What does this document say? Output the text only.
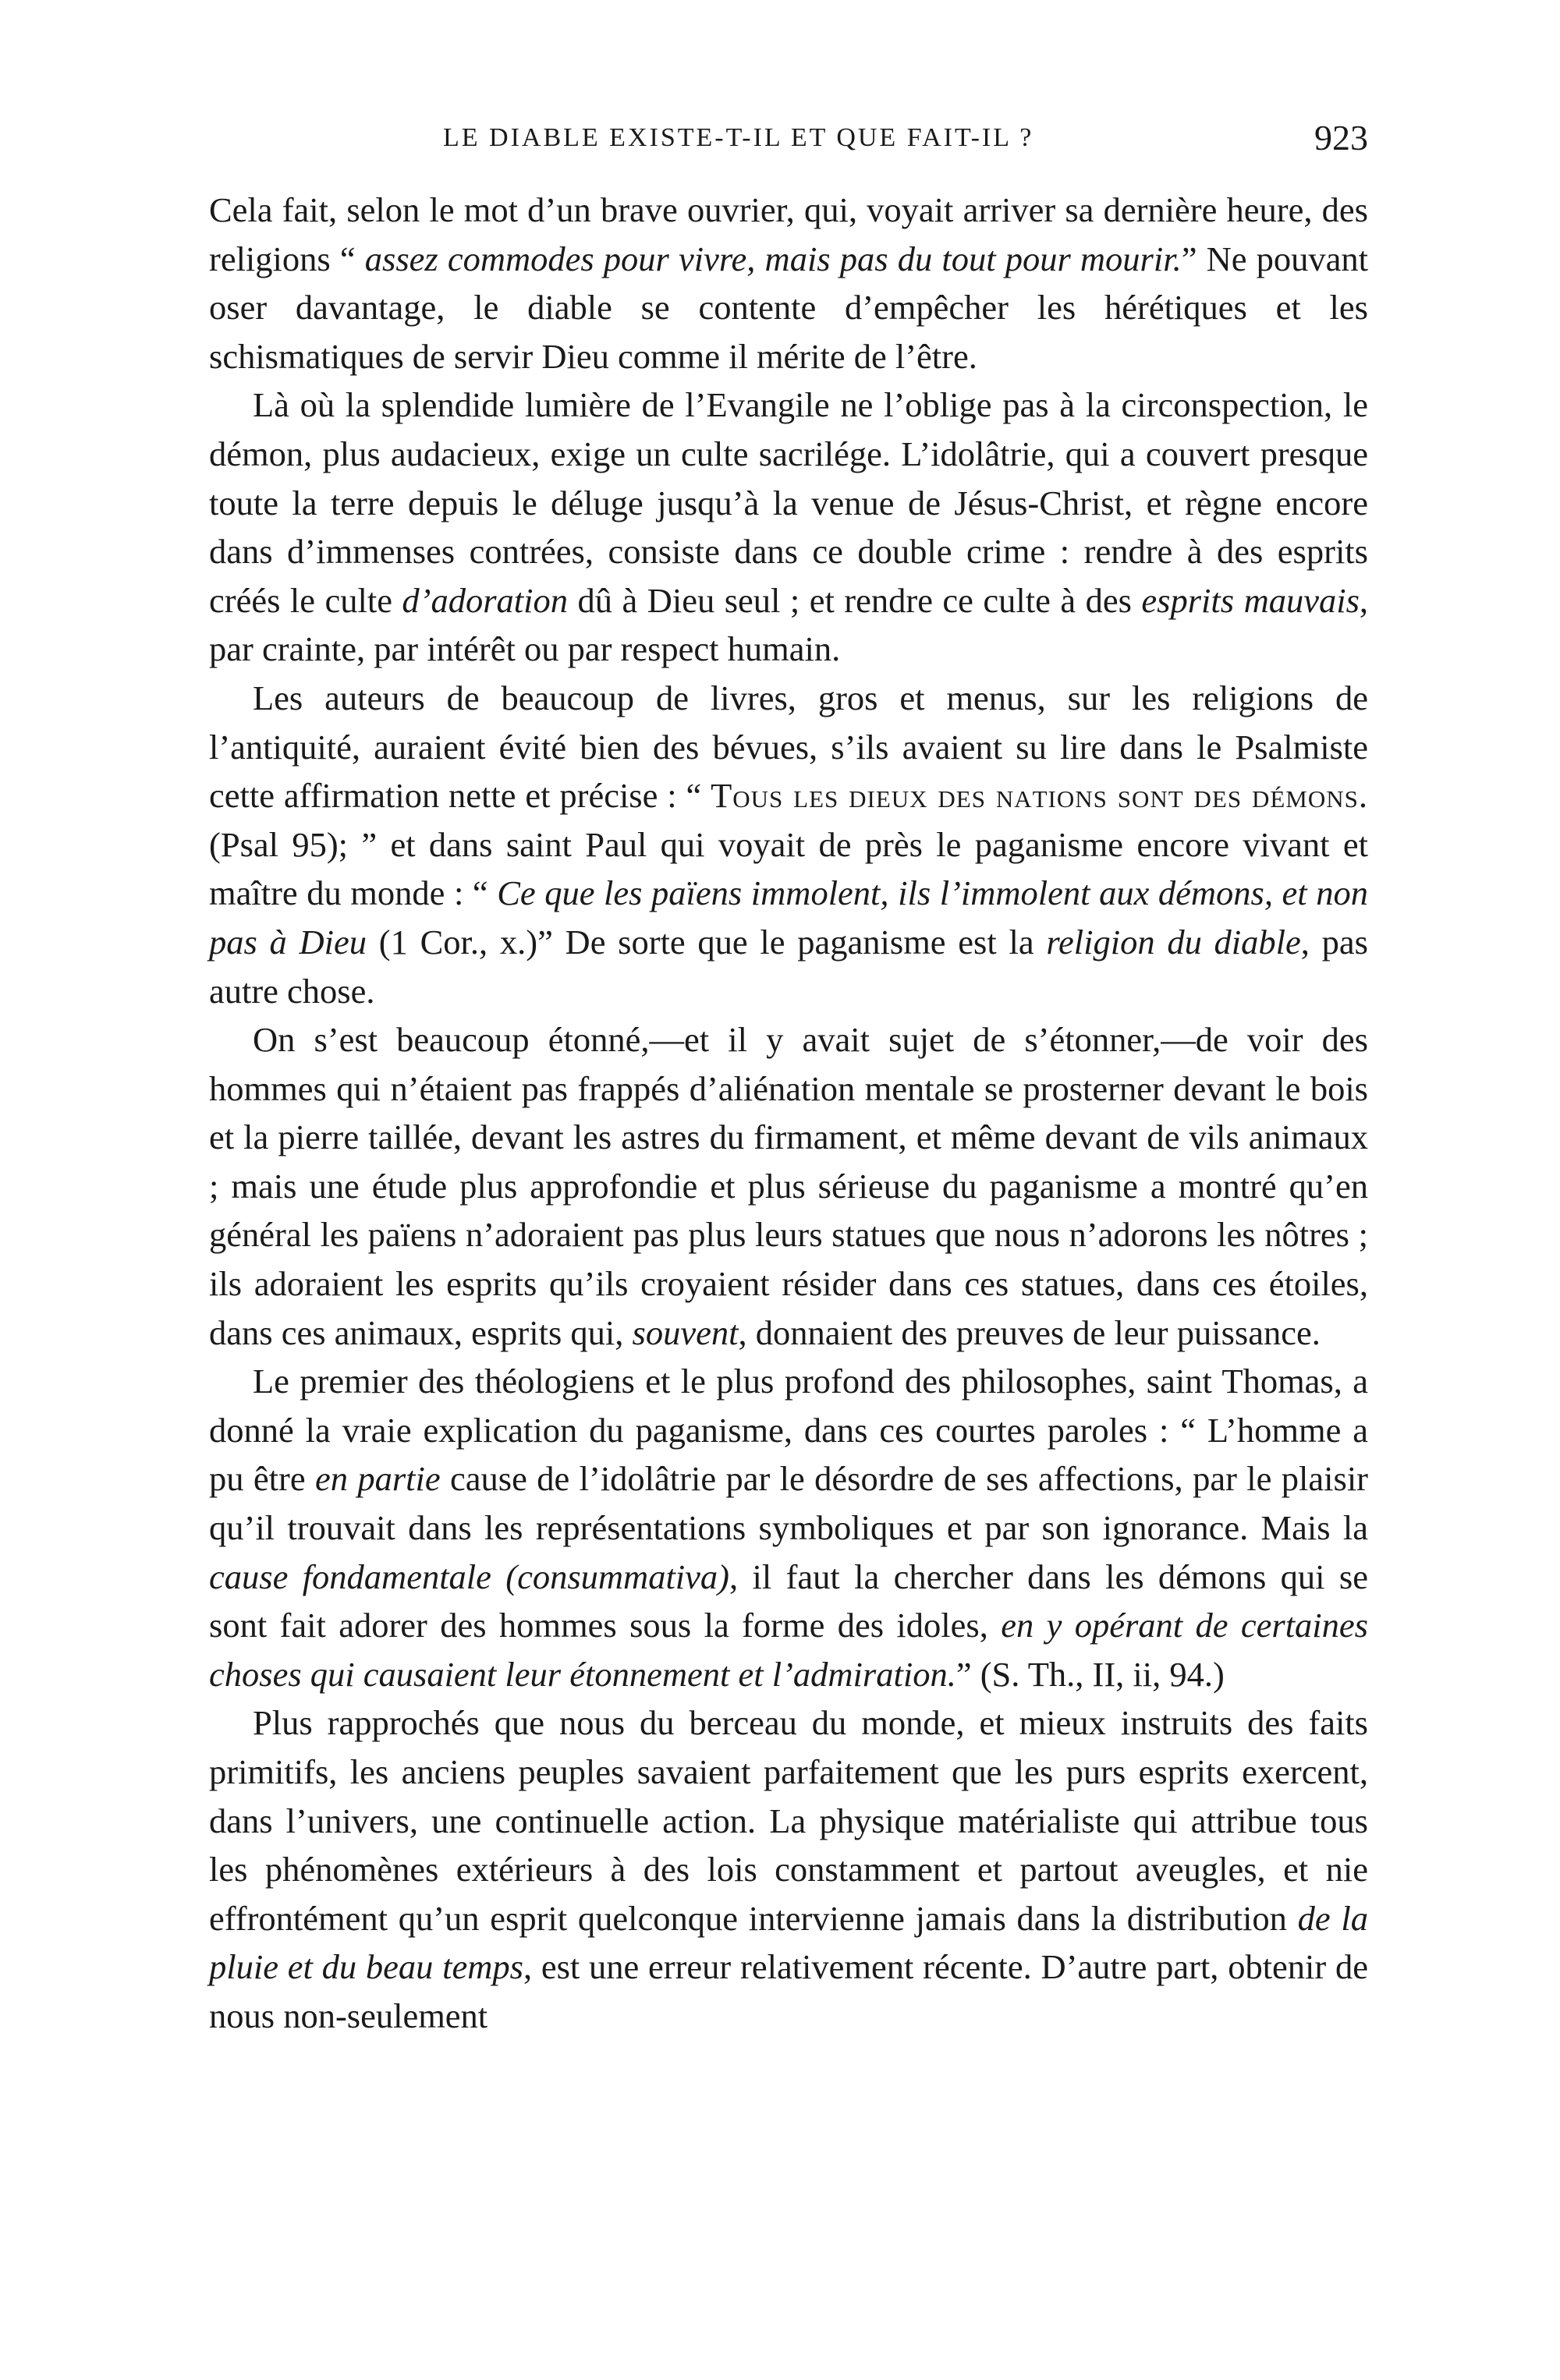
LE DIABLE EXISTE-T-IL ET QUE FAIT-IL ?	923

Cela fait, selon le mot d’un brave ouvrier, qui, voyait arriver sa dernière heure, des religions “ assez commodes pour vivre, mais pas du tout pour mourir.” Ne pouvant oser davantage, le diable se contente d’empêcher les hérétiques et les schismatiques de servir Dieu comme il mérite de l’être.

Là où la splendide lumière de l’Evangile ne l’oblige pas à la circonspection, le démon, plus audacieux, exige un culte sacrilége. L’idolâtrie, qui a couvert presque toute la terre depuis le déluge jusqu’à la venue de Jésus-Christ, et règne encore dans d’immenses contrées, consiste dans ce double crime : rendre à des esprits créés le culte d’adoration dû à Dieu seul ; et rendre ce culte à des esprits mauvais, par crainte, par intérêt ou par respect humain.

Les auteurs de beaucoup de livres, gros et menus, sur les religions de l’antiquité, auraient évité bien des bévues, s’ils avaient su lire dans le Psalmiste cette affirmation nette et précise : “ Tous les dieux des nations sont des démons. (Psal 95); ” et dans saint Paul qui voyait de près le paganisme encore vivant et maître du monde : “ Ce que les païens immolent, ils l’immolent aux démons, et non pas à Dieu (1 Cor., x.)” De sorte que le paganisme est la religion du diable, pas autre chose.

On s’est beaucoup étonné,—et il y avait sujet de s’étonner,—de voir des hommes qui n’étaient pas frappés d’aliénation mentale se prosterner devant le bois et la pierre taillée, devant les astres du firmament, et même devant de vils animaux ; mais une étude plus approfondie et plus sérieuse du paganisme a montré qu’en général les païens n’adoraient pas plus leurs statues que nous n’adorons les nôtres ; ils adoraient les esprits qu’ils croyaient résider dans ces statues, dans ces étoiles, dans ces animaux, esprits qui, souvent, donnaient des preuves de leur puissance.

Le premier des théologiens et le plus profond des philosophes, saint Thomas, a donné la vraie explication du paganisme, dans ces courtes paroles : “ L’homme a pu être en partie cause de l’idolâtrie par le désordre de ses affections, par le plaisir qu’il trouvait dans les représentations symboliques et par son ignorance. Mais la cause fondamentale (consummativa), il faut la chercher dans les démons qui se sont fait adorer des hommes sous la forme des idoles, en y opérant de certaines choses qui causaient leur étonnement et l’admiration.” (S. Th., II, ii, 94.)

Plus rapprochés que nous du berceau du monde, et mieux instruits des faits primitifs, les anciens peuples savaient parfaitement que les purs esprits exercent, dans l’univers, une continuelle action. La physique matérialiste qui attribue tous les phénomènes extérieurs à des lois constamment et partout aveugles, et nie effrontément qu’un esprit quelconque intervienne jamais dans la distribution de la pluie et du beau temps, est une erreur relativement récente. D’autre part, obtenir de nous non-seulement
